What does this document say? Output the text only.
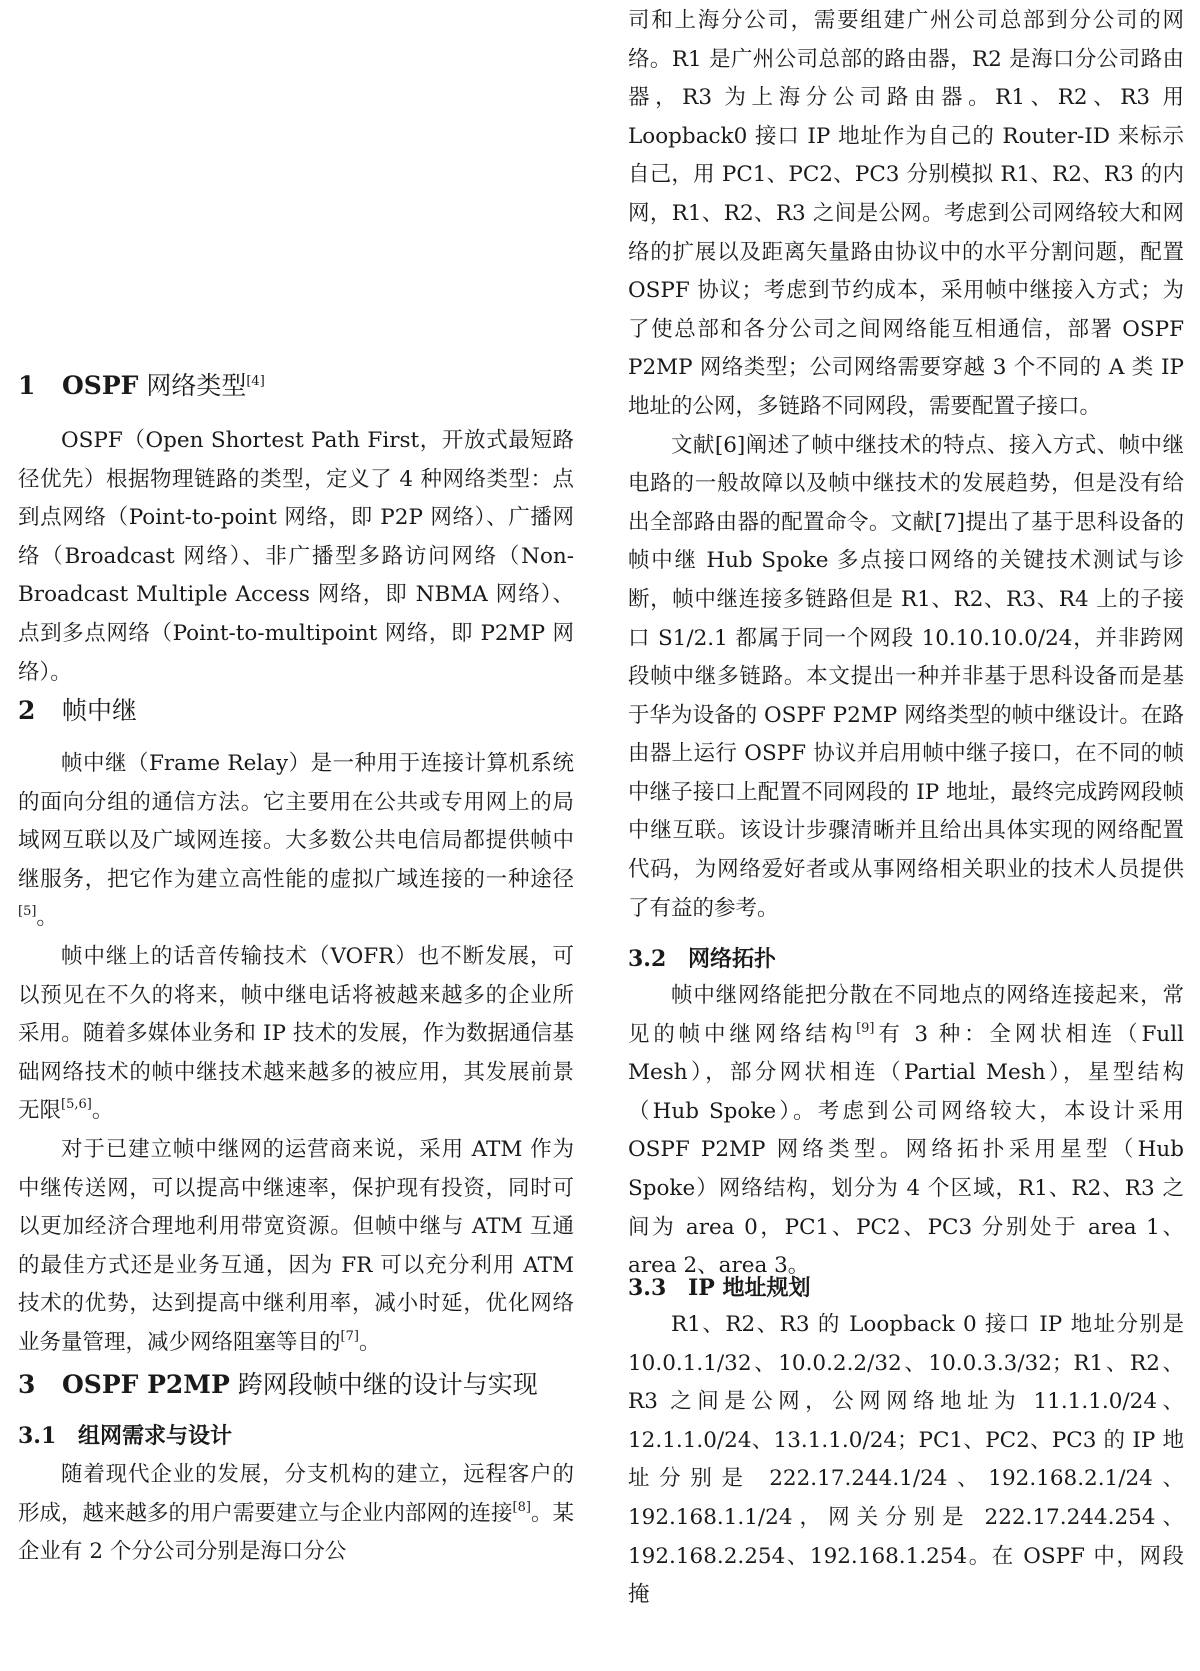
1 OSPF 网络类型[4]

OSPF（Open Shortest Path First，开放式最短路径优先）根据物理链路的类型，定义了 4 种网络类型：点到点网络（Point-to-point 网络，即 P2P 网络）、广播网络（Broadcast 网络）、非广播型多路访问网络（Non-Broadcast Multiple Access 网络，即 NBMA 网络）、点到多点网络（Point-to-multipoint 网络，即 P2MP 网络）。

2 帧中继

帧中继（Frame Relay）是一种用于连接计算机系统的面向分组的通信方法。它主要用在公共或专用网上的局域网互联以及广域网连接。大多数公共电信局都提供帧中继服务，把它作为建立高性能的虚拟广域连接的一种途径[5]。

帧中继上的话音传输技术（VOFR）也不断发展，可以预见在不久的将来，帧中继电话将被越来越多的企业所采用。随着多媒体业务和 IP 技术的发展，作为数据通信基础网络技术的帧中继技术越来越多的被应用，其发展前景无限[5,6]。

对于已建立帧中继网的运营商来说，采用 ATM 作为中继传送网，可以提高中继速率，保护现有投资，同时可以更加经济合理地利用带宽资源。但帧中继与 ATM 互通的最佳方式还是业务互通，因为 FR 可以充分利用 ATM 技术的优势，达到提高中继利用率，减小时延，优化网络业务量管理，减少网络阻塞等目的[7]。

3 OSPF P2MP 跨网段帧中继的设计与实现
3.1 组网需求与设计

随着现代企业的发展，分支机构的建立，远程客户的形成，越来越多的用户需要建立与企业内部网的连接[8]。某企业有 2 个分公司分别是海口分公

司和上海分公司，需要组建广州公司总部到分公司的网络。R1 是广州公司总部的路由器，R2 是海口分公司路由器，R3 为上海分公司路由器。R1、R2、R3 用 Loopback0 接口 IP 地址作为自己的 Router-ID 来标示自己，用 PC1、PC2、PC3 分别模拟 R1、R2、R3 的内网，R1、R2、R3 之间是公网。考虑到公司网络较大和网络的扩展以及距离矢量路由协议中的水平分割问题，配置 OSPF 协议；考虑到节约成本，采用帧中继接入方式；为了使总部和各分公司之间网络能互相通信，部署 OSPF P2MP 网络类型；公司网络需要穿越 3 个不同的 A 类 IP 地址的公网，多链路不同网段，需要配置子接口。

文献[6]阐述了帧中继技术的特点、接入方式、帧中继电路的一般故障以及帧中继技术的发展趋势，但是没有给出全部路由器的配置命令。文献[7]提出了基于思科设备的帧中继 Hub Spoke 多点接口网络的关键技术测试与诊断，帧中继连接多链路但是 R1、R2、R3、R4 上的子接口 S1/2.1 都属于同一个网段 10.10.10.0/24，并非跨网段帧中继多链路。本文提出一种并非基于思科设备而是基于华为设备的 OSPF P2MP 网络类型的帧中继设计。在路由器上运行 OSPF 协议并启用帧中继子接口，在不同的帧中继子接口上配置不同网段的 IP 地址，最终完成跨网段帧中继互联。该设计步骤清晰并且给出具体实现的网络配置代码，为网络爱好者或从事网络相关职业的技术人员提供了有益的参考。

3.2 网络拓扑

帧中继网络能把分散在不同地点的网络连接起来，常见的帧中继网络结构[9]有 3 种：全网状相连（Full Mesh），部分网状相连（Partial Mesh），星型结构（Hub Spoke）。考虑到公司网络较大，本设计采用 OSPF P2MP 网络类型。网络拓扑采用星型（Hub Spoke）网络结构，划分为 4 个区域，R1、R2、R3 之间为 area 0，PC1、PC2、PC3 分别处于 area 1、area 2、area 3。

3.3 IP 地址规划

R1、R2、R3 的 Loopback 0 接口 IP 地址分别是 10.0.1.1/32、10.0.2.2/32、10.0.3.3/32；R1、R2、R3 之间是公网，公网网络地址为 11.1.1.0/24、12.1.1.0/24、13.1.1.0/24；PC1、PC2、PC3 的 IP 地址分别是 222.17.244.1/24、192.168.2.1/24、192.168.1.1/24，网关分别是 222.17.244.254、192.168.2.254、192.168.1.254。在 OSPF 中，网段掩
